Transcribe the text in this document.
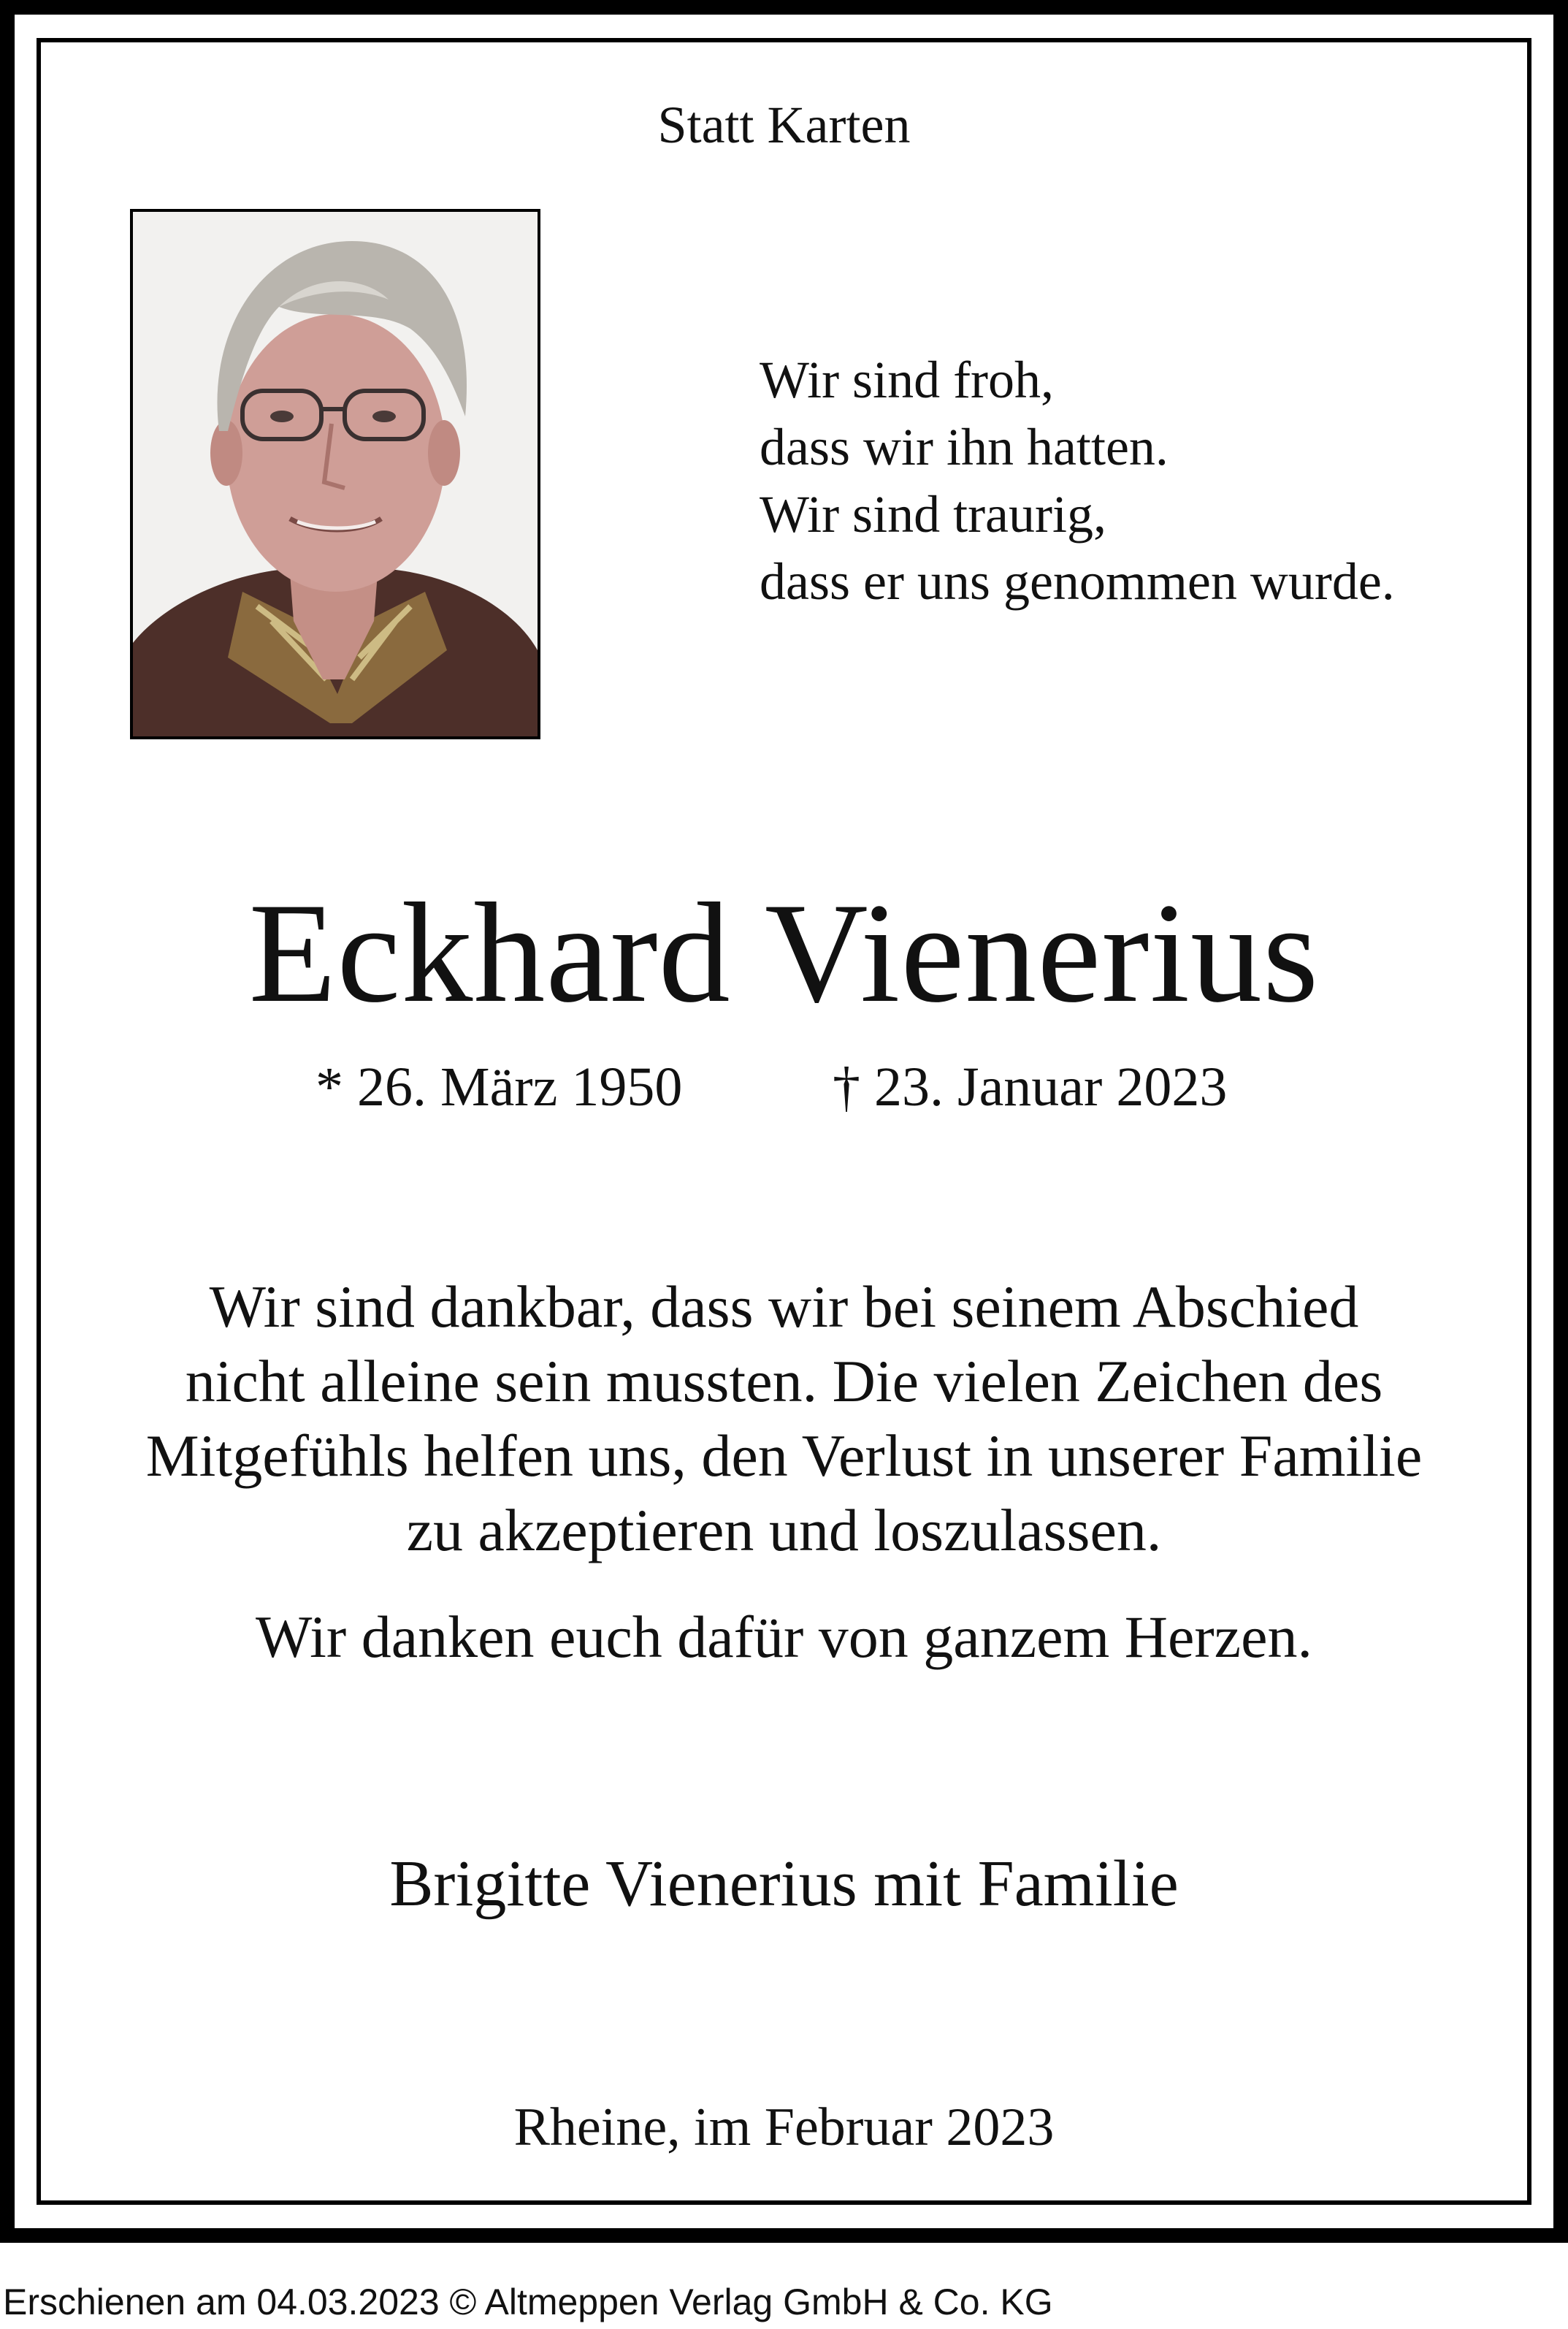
Statt Karten
Wir sind froh,
dass wir ihn hatten.
Wir sind traurig,
dass er uns genommen wurde.
Eckhard Vienerius
* 26. März 1950	† 23. Januar 2023
Wir sind dankbar, dass wir bei seinem Abschied
nicht alleine sein mussten. Die vielen Zeichen des
Mitgefühls helfen uns, den Verlust in unserer Familie
zu akzeptieren und loszulassen.
Wir danken euch dafür von ganzem Herzen.
Brigitte Vienerius mit Familie
Rheine, im Februar 2023
Erschienen am 04.03.2023 © Altmeppen Verlag GmbH & Co. KG
